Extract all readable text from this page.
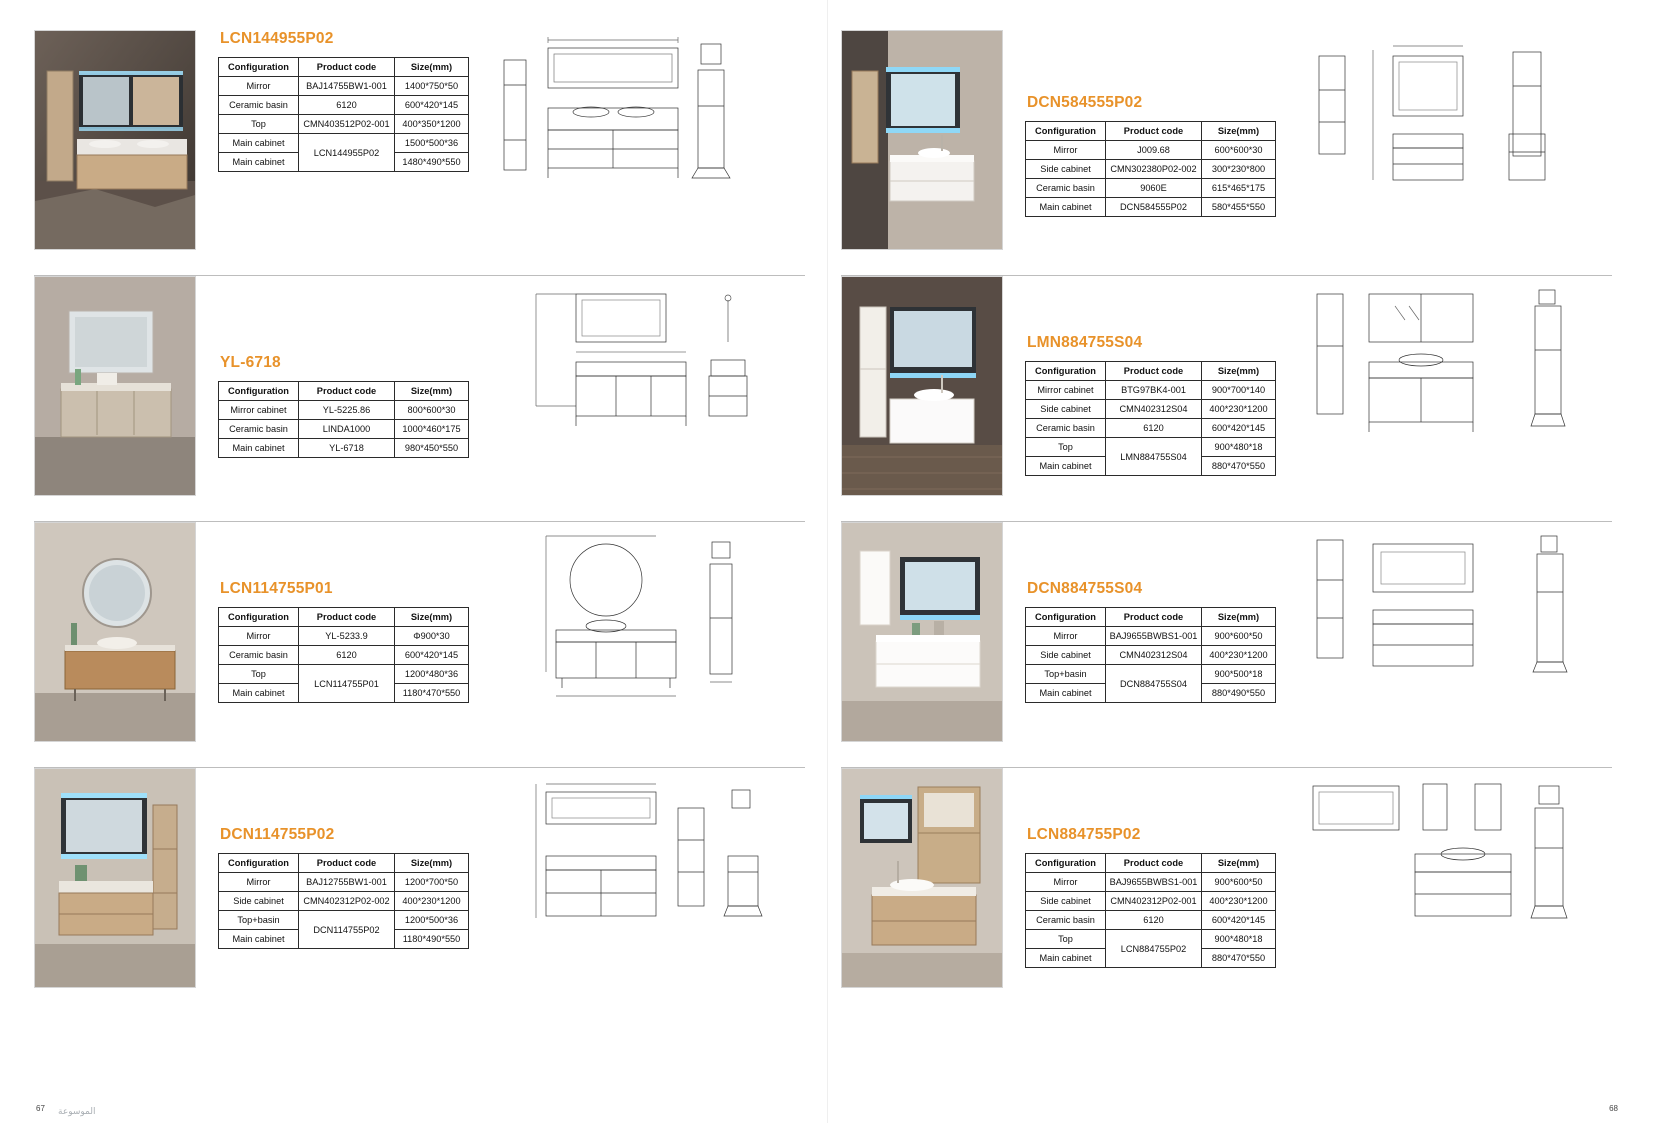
LCN144955P02
Configuration	Product code	Size(mm)
Mirror	BAJ14755BW1-001	1400*750*50
Ceramic basin	6120	600*420*145
Top	CMN403512P02-001	400*350*1200
Main cabinet	LCN144955P02	1500*500*36
Main cabinet		1480*490*550
YL-6718
Configuration	Product code	Size(mm)
Mirror cabinet	YL-5225.86	800*600*30
Ceramic basin	LINDA1000	1000*460*175
Main cabinet	YL-6718	980*450*550
LCN114755P01
Configuration	Product code	Size(mm)
Mirror	YL-5233.9	Φ900*30
Ceramic basin	6120	600*420*145
Top	LCN114755P01	1200*480*36
Main cabinet		1180*470*550
DCN114755P02
Configuration	Product code	Size(mm)
Mirror	BAJ12755BW1-001	1200*700*50
Side cabinet	CMN402312P02-002	400*230*1200
Top+basin	DCN114755P02	1200*500*36
Main cabinet		1180*490*550
الموسوعة
67
DCN584555P02
Configuration	Product code	Size(mm)
Mirror	J009.68	600*600*30
Side cabinet	CMN302380P02-002	300*230*800
Ceramic basin	9060E	615*465*175
Main cabinet	DCN584555P02	580*455*550
LMN884755S04
Configuration	Product code	Size(mm)
Mirror cabinet	BTG97BK4-001	900*700*140
Side cabinet	CMN402312S04	400*230*1200
Ceramic basin	6120	600*420*145
Top	LMN884755S04	900*480*18
Main cabinet		880*470*550
DCN884755S04
Configuration	Product code	Size(mm)
Mirror	BAJ9655BWBS1-001	900*600*50
Side cabinet	CMN402312S04	400*230*1200
Top+basin	DCN884755S04	900*500*18
Main cabinet		880*490*550
LCN884755P02
Configuration	Product code	Size(mm)
Mirror	BAJ9655BWBS1-001	900*600*50
Side cabinet	CMN402312P02-001	400*230*1200
Ceramic basin	6120	600*420*145
Top	LCN884755P02	900*480*18
Main cabinet		880*470*550
68
